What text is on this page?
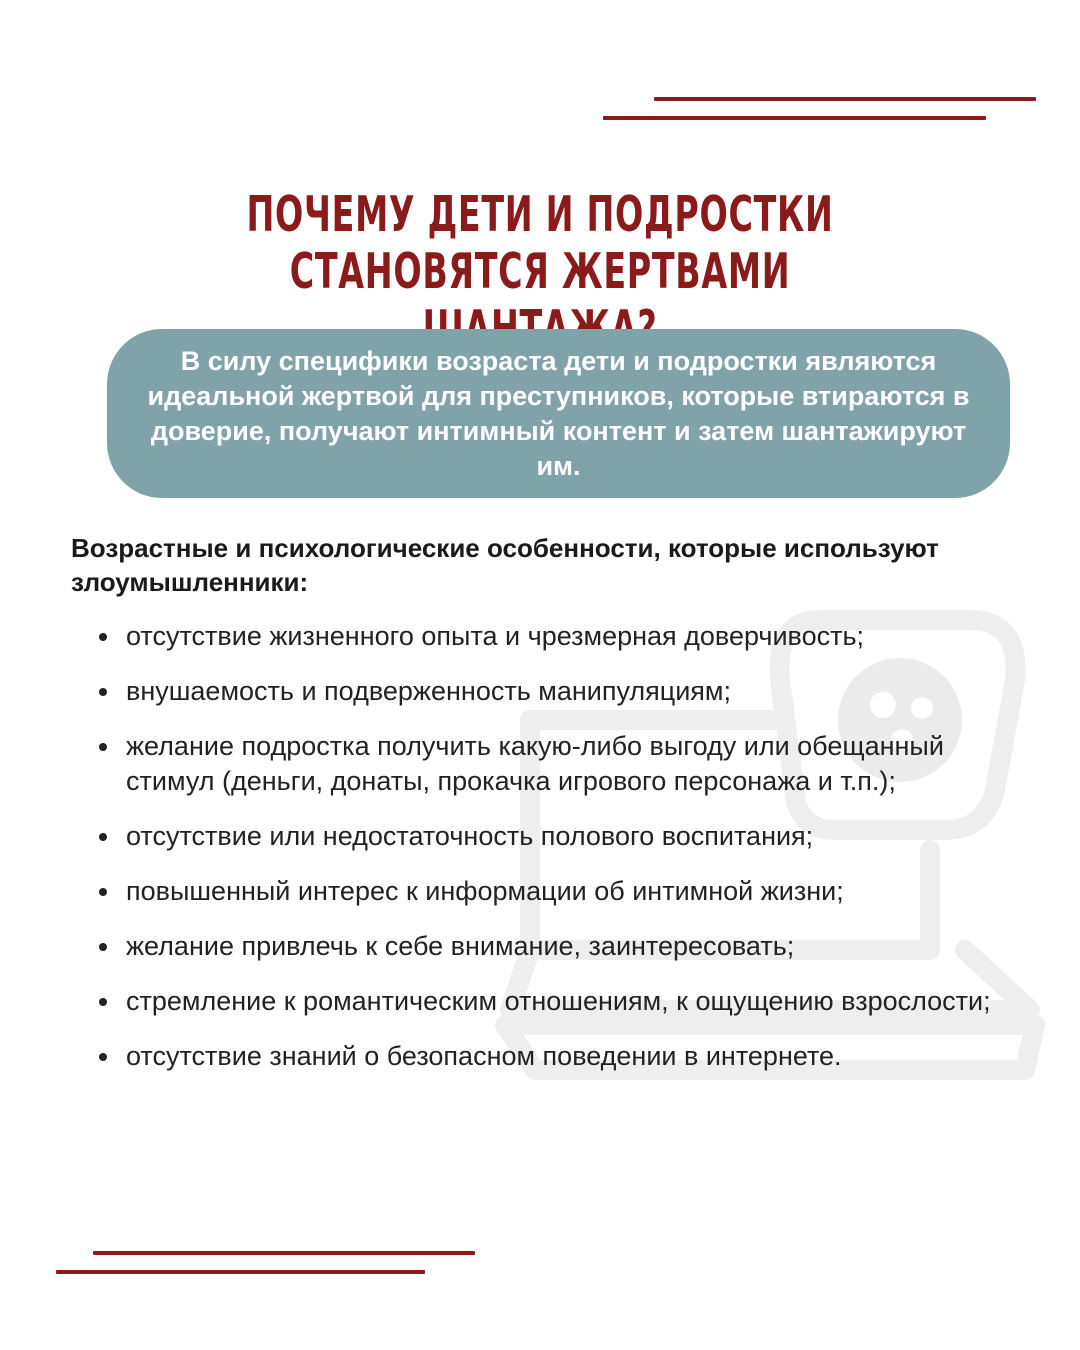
ПОЧЕМУ ДЕТИ И ПОДРОСТКИ
СТАНОВЯТСЯ ЖЕРТВАМИ

В силу специфики возраста дети и подростки являются идеальной жертвой для преступников, которые втираются в доверие, получают интимный контент и затем шантажируют им.

Возрастные и психологические особенности, которые используют злоумышленники:

отсутствие жизненного опыта и чрезмерная доверчивость;
внушаемость и подверженность манипуляциям;
желание подростка получить какую-либо выгоду или обещанный стимул (деньги, донаты, прокачка игрового персонажа и т.п.);
отсутствие или недостаточность полового воспитания;
повышенный интерес к информации об интимной жизни;
желание привлечь к себе внимание, заинтересовать;
стремление к романтическим отношениям, к ощущению взрослости;
отсутствие знаний о безопасном поведении в интернете.
